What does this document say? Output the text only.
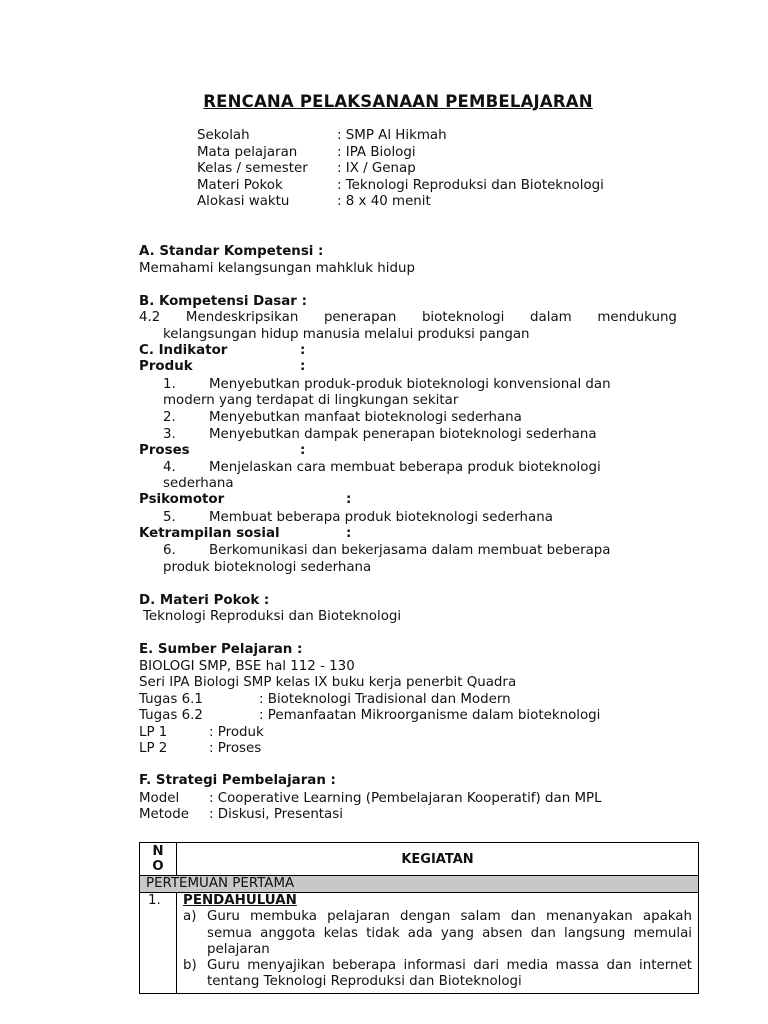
RENCANA PELAKSANAAN PEMBELAJARAN
Sekolah	: SMP Al Hikmah
Mata pelajaran	: IPA Biologi
Kelas / semester : IX / Genap
Materi Pokok	: Teknologi Reproduksi dan Bioteknologi
Alokasi waktu	: 8 x 40 menit
A. Standar Kompetensi :
Memahami kelangsungan mahkluk hidup
B. Kompetensi Dasar :
4.2 Mendeskripsikan penerapan bioteknologi dalam mendukung
kelangsungan hidup manusia melalui produksi pangan
C. Indikator	:
Produk	:
1. Menyebutkan produk-produk bioteknologi konvensional dan
modern yang terdapat di lingkungan sekitar
2. Menyebutkan manfaat bioteknologi sederhana
3. Menyebutkan dampak penerapan bioteknologi sederhana
Proses	:
4. Menjelaskan cara membuat beberapa produk bioteknologi
sederhana
Psikomotor	:
5. Membuat beberapa produk bioteknologi sederhana
Ketrampilan sosial	:
6. Berkomunikasi dan bekerjasama dalam membuat beberapa
produk bioteknologi sederhana
D. Materi Pokok :
Teknologi Reproduksi dan Bioteknologi
E. Sumber Pelajaran :
BIOLOGI SMP, BSE hal 112 - 130
Seri IPA Biologi SMP kelas IX buku kerja penerbit Quadra
Tugas 6.1	: Bioteknologi Tradisional dan Modern
Tugas 6.2	: Pemanfaatan Mikroorganisme dalam bioteknologi
LP 1	: Produk
LP 2	: Proses
F. Strategi Pembelajaran :
Model : Cooperative Learning (Pembelajaran Kooperatif) dan MPL
Metode : Diskusi, Presentasi
N
O	KEGIATAN
PERTEMUAN PERTAMA	
1.	PENDAHULUAN
a) Guru membuka pelajaran dengan salam dan menanyakan apakah semua anggota kelas tidak ada yang absen dan langsung memulai pelajaran
b) Guru menyajikan beberapa informasi dari media massa dan internet tentang Teknologi Reproduksi dan Bioteknologi
